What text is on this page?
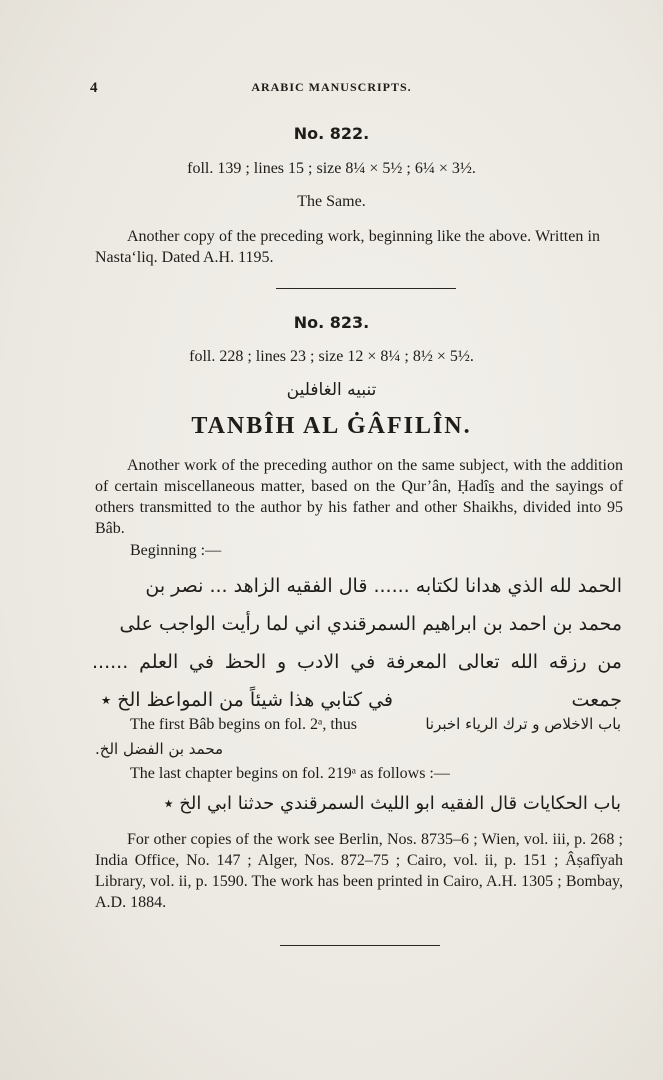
4	ARABIC MANUSCRIPTS.
No. 822.
foll. 139 ; lines 15 ; size 8¼ × 5½ ; 6¼ × 3½.
The Same.
Another copy of the preceding work, beginning like the above. Written in Nasta‘liq. Dated A.H. 1195.
No. 823.
foll. 228 ; lines 23 ; size 12 × 8¼ ; 8½ × 5½.
تنبيه الغافلين
TANBÎH AL ĠÂFILÎN.
Another work of the preceding author on the same subject, with the addition of certain miscellaneous matter, based on the Qur’ân, Ḥadîs̱ and the sayings of others transmitted to the author by his father and other Shaikhs, divided into 95 Bâb.
Beginning :—
الحمد لله الذي هدانا لكتابه ...... قال الفقيه الزاهد ... نصر بن
محمد بن احمد بن ابراهيم السمرقندي اني لما رأيت الواجب على
من رزقه الله تعالى المعرفة في الادب و الحظ في العلم ...... جمعت
في كتابي هذا شيئاً من المواعظ الخ ٭
The first Bâb begins on fol. 2ᵃ, thus	باب الاخلاص و ترك الرياء اخبرنا
محمد بن الفضل الخ.
The last chapter begins on fol. 219ᵃ as follows :—
باب الحكايات قال الفقيه ابو الليث السمرقندي حدثنا ابي الخ ٭
For other copies of the work see Berlin, Nos. 8735–6 ; Wien, vol. iii, p. 268 ; India Office, No. 147 ; Alger, Nos. 872–75 ; Cairo, vol. ii, p. 151 ; Âṣafîyah Library, vol. ii, p. 1590. The work has been printed in Cairo, A.H. 1305 ; Bombay, A.D. 1884.
